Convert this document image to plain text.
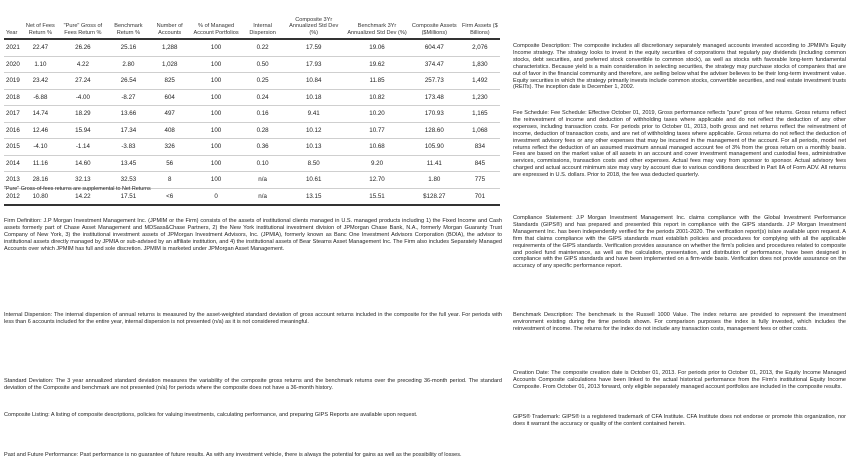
Year	Net of Fees Return %	"Pure" Gross of Fees Return %	Benchmark Return %	Number of Accounts	% of Managed Account Portfolios	Internal Dispersion	Composite 3Yr Annualized Std Dev (%)	Benchmark 3Yr Annualized Std Dev (%)	Composite Assets ($Millions)	Firm Assets ($ Billions)
2021	22.47	26.26	25.16	1,288	100	0.22	17.59	19.06	604.47	2,076
2020	1.10	4.22	2.80	1,028	100	0.50	17.93	19.62	374.47	1,830
2019	23.42	27.24	26.54	825	100	0.25	10.84	11.85	257.73	1,492
2018	-6.88	-4.00	-8.27	604	100	0.24	10.18	10.82	173.48	1,230
2017	14.74	18.29	13.66	497	100	0.16	9.41	10.20	170.93	1,165
2016	12.46	15.94	17.34	408	100	0.28	10.12	10.77	128.60	1,068
2015	-4.10	-1.14	-3.83	326	100	0.36	10.13	10.68	105.90	834
2014	11.16	14.60	13.45	56	100	0.10	8.50	9.20	11.41	845
2013	28.16	32.13	32.53	8	100	n/a	10.61	12.70	1.80	775
2012	10.80	14.22	17.51	<6	0	n/a	13.15	15.51	$128.27	701
"Pure" Gross-of-fees returns are supplemental to Net Returns

Firm Definition: J.P Morgan Investment Management Inc. (JPMIM or the Firm) consists of the assets of institutional clients managed in U.S. managed products including 1) the Fixed Income and Cash assets formerly part of Chase Asset Management and MDSass&Chase Partners, 2) the New York institutional investment division of JPMorgan Chase Bank, N.A., formerly Morgan Guaranty Trust Company of New York, 3) the institutional investment assets of JPMorgan Investment Advisors, Inc. (JPMIA), formerly known as Banc One Investment Advisors Corporation (BOIA), the advisor to institutional assets directly managed by JPMIA or sub-advised by an affiliate institution, and 4) the institutional assets of Bear Stearns Asset Management Inc. The Firm also includes Separately Managed Accounts over which JPMIM has full and sole discretion. JPMIM is marketed under JPMorgan Asset Management.

Internal Dispersion: The internal dispersion of annual returns is measured by the asset-weighted standard deviation of gross account returns included in the composite for the full year. For periods with less than 6 accounts included for the entire year, internal dispersion is not presented (n/a) as it is not considered meaningful.

Standard Deviation: The 3 year annualized standard deviation measures the variability of the composite gross returns and the benchmark returns over the preceding 36-month period. The standard deviation of the Composite and benchmark are not presented (n/a) for periods where the composite does not have a 36-month history.

Composite Listing: A listing of composite descriptions, policies for valuing investments, calculating performance, and preparing GIPS Reports are available upon request.

Past and Future Performance: Past performance is no guarantee of future results. As with any investment vehicle, there is always the potential for gains as well as the possibility of losses.

Composite Description: The composite includes all discretionary separately managed accounts invested according to JPMIM's Equity Income strategy. The strategy looks to invest in the equity securities of corporations that regularly pay dividends (including common stocks, debt securities, and preferred stock convertible to common stock), as well as stocks with favorable long-term fundamental characteristics. Because yield is a main consideration in selecting securities, the strategy may purchase stocks of companies that are out of favor in the financial community and therefore, are selling below what the adviser believes to be their long-term investment value. Equity securities in which the strategy primarily invests include common stocks, convertible securities, and real estate investment trusts (REITs). The inception date is December 1, 2002.

Fee Schedule: Fee Schedule: Effective October 01, 2019, Gross performance reflects "pure" gross of fee returns. Gross returns reflect the reinvestment of income and deduction of withholding taxes where applicable and do not reflect the deduction of any other expenses, including transaction costs. For periods prior to October 01, 2013, both gross and net returns reflect the reinvestment of income, deduction of transaction costs, and are net of withholding taxes where applicable. Gross returns do not reflect the deduction of investment advisory fees or any other expenses that may be incurred in the management of the account. For all periods, model net returns reflect the deduction of an assumed maximum annual managed account fee of 3% from the gross return on a monthly basis. Fees are based on the market value of all assets in an account and cover investment management and custodial fees, administrative services, commissions, transaction costs and other expenses. Actual fees may vary from sponsor to sponsor. Actual advisory fees charged and actual account minimum size may vary by account due to various conditions described in Part IIA of Form ADV. All returns are expressed in U.S. dollars. Prior to 2018, the fee was deducted quarterly.

Compliance Statement: J.P Morgan Investment Management Inc. claims compliance with the Global Investment Performance Standards (GIPS®) and has prepared and presented this report in compliance with the GIPS standards. J.P Morgan Investment Management Inc. has been independently verified for the periods 2001-2020. The verification report(s) is/are available upon request. A firm that claims compliance with the GIPS standards must establish policies and procedures for complying with all the applicable requirements of the GIPS standards. Verification provides assurance on whether the firm's policies and procedures related to composite and pooled fund maintenance, as well as the calculation, presentation, and distribution of performance, have been designed in compliance with the GIPS standards and have been implemented on a firm-wide basis. Verification does not provide assurance on the accuracy of any specific performance report.

Benchmark Description: The benchmark is the Russell 1000 Value. The index returns are provided to represent the investment environment existing during the time periods shown. For comparison purposes the index is fully invested, which includes the reinvestment of income. The returns for the index do not include any transaction costs, management fees or other costs.

Creation Date: The composite creation date is October 01, 2013. For periods prior to October 01, 2013, the Equity Income Managed Accounts Composite calculations have been linked to the actual historical performance from the Firm's institutional Equity Income Composite. From October 01, 2013 forward, only eligible separately managed account portfolios are included in the composite results.

GIPS® Trademark: GIPS® is a registered trademark of CFA Institute. CFA Institute does not endorse or promote this organization, nor does it warrant the accuracy or quality of the content contained herein.
